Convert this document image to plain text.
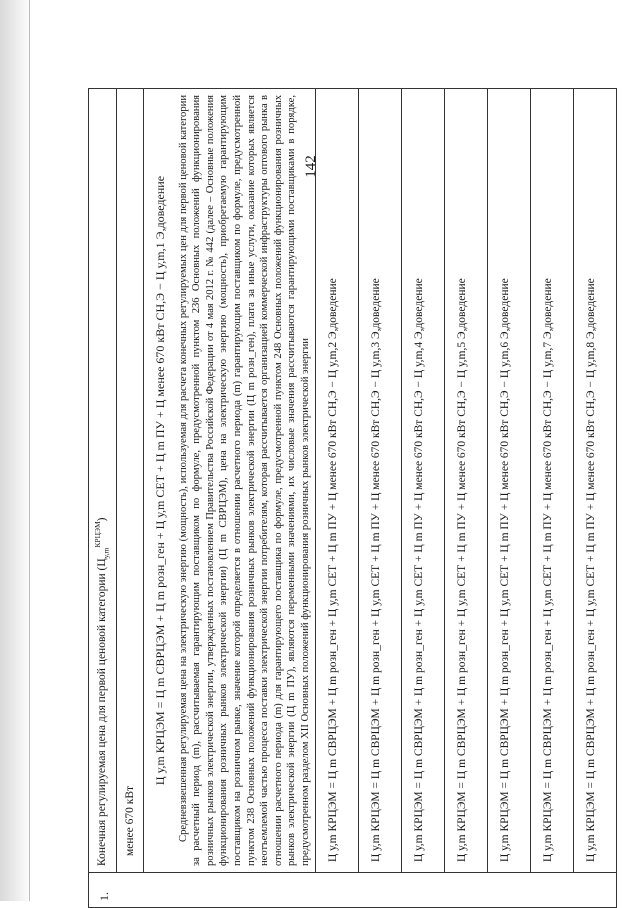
142
1.	Конечная регулируемая цена для первой ценовой категории $(Ц_{у,m}^{КРЦЭМ})$
менее 670 кВт

Ц у,m КРЦЭМ = Ц m СВРЦЭМ + Ц m розн_ген + Ц у,m СЕТ + Ц m ПУ + Ц менее 670 кВт СН,Э − Ц у,m,1 Э,доведение Средневзвешенная регулируемая цена на электрическую энергию (мощность), используемая для расчета конечных регулируемых цен для первой ценовой категории за расчетный период (m), рассчитываемая гарантирующим поставщиком по формуле, предусмотренной пунктом 236 Основных положений функционирования розничных рынков электрической энергии, утвержденных постановлением Правительства Российской Федерации от 4 мая 2012 г. № 442 (далее – Основные положения функционирования розничных рынков электрической энергии) (Ц m СВРЦЭМ), цена на электрическую энергию (мощность), приобретаемую гарантирующим поставщиком на розничном рынке, значение которой определяется в отношении расчетного периода (m) гарантирующим поставщиком по формуле, предусмотренной пунктом 238 Основных положений функционирования розничных рынков электрической энергии (Ц m розн_ген), плата за иные услуги, оказание которых является неотъемлемой частью процесса поставки электрической энергии потребителям, которая рассчитывается организацией коммерческой инфраструктуры оптового рынка в отношении расчетного периода (m) для гарантирующего поставщика по формуле, предусмотренной пунктом 248 Основных положений функционирования розничных рынков электрической энергии (Ц m ПУ), являются переменными значениями, их числовые значения рассчитываются гарантирующими поставщиками в порядке, предусмотренном разделом XII Основных положений функционирования розничных рынков электрической энергии

Ц у,m КРЦЭМ = Ц m СВРЦЭМ + Ц m розн_ген + Ц у,m СЕТ + Ц m ПУ + Ц менее 670 кВт СН,Э − Ц у,m,2 Э,доведение
Ц у,m КРЦЭМ = Ц m СВРЦЭМ + Ц m розн_ген + Ц у,m СЕТ + Ц m ПУ + Ц менее 670 кВт СН,Э − Ц у,m,3 Э,доведение
Ц у,m КРЦЭМ = Ц m СВРЦЭМ + Ц m розн_ген + Ц у,m СЕТ + Ц m ПУ + Ц менее 670 кВт СН,Э − Ц у,m,4 Э,доведение
Ц у,m КРЦЭМ = Ц m СВРЦЭМ + Ц m розн_ген + Ц у,m СЕТ + Ц m ПУ + Ц менее 670 кВт СН,Э − Ц у,m,5 Э,доведение
Ц у,m КРЦЭМ = Ц m СВРЦЭМ + Ц m розн_ген + Ц у,m СЕТ + Ц m ПУ + Ц менее 670 кВт СН,Э − Ц у,m,6 Э,доведение
Ц у,m КРЦЭМ = Ц m СВРЦЭМ + Ц m розн_ген + Ц у,m СЕТ + Ц m ПУ + Ц менее 670 кВт СН,Э − Ц у,m,7 Э,доведение
Ц у,m КРЦЭМ = Ц m СВРЦЭМ + Ц m розн_ген + Ц у,m СЕТ + Ц m ПУ + Ц менее 670 кВт СН,Э − Ц у,m,8 Э,доведение
